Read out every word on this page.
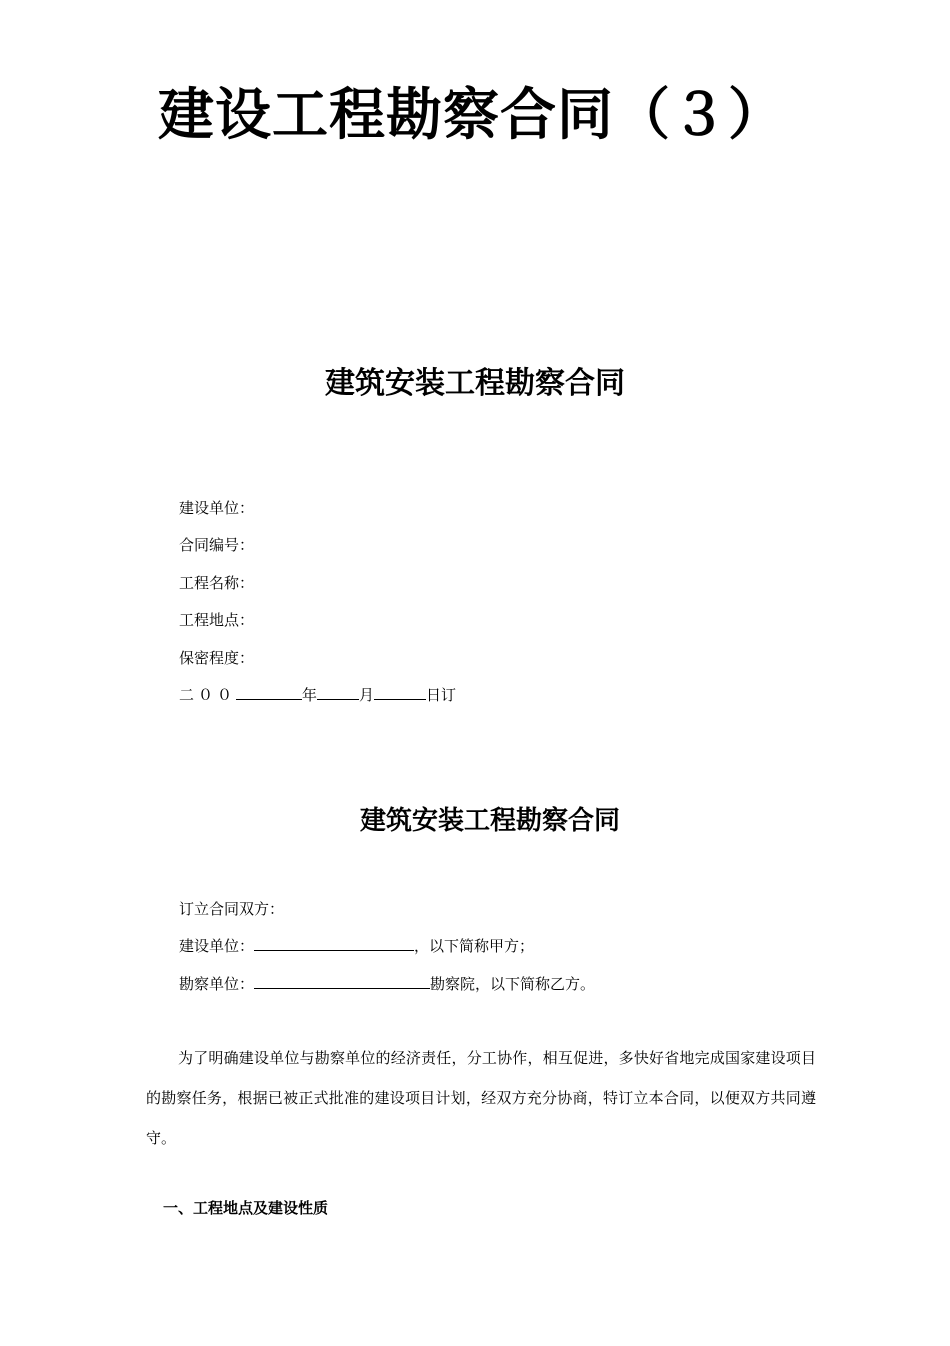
建设工程勘察合同（３）
建筑安装工程勘察合同
建设单位：
合同编号：
工程名称：
工程地点：
保密程度：
二００	年	月	日订
建筑安装工程勘察合同
订立合同双方：
建设单位：	，以下简称甲方；
勘察单位：	勘察院，以下简称乙方。
为了明确建设单位与勘察单位的经济责任，分工协作，相互促进，多快好省地完成国家建设项目的勘察任务，根据已被正式批准的建设项目计划，经双方充分协商，特订立本合同，以便双方共同遵守。
一、工程地点及建设性质
